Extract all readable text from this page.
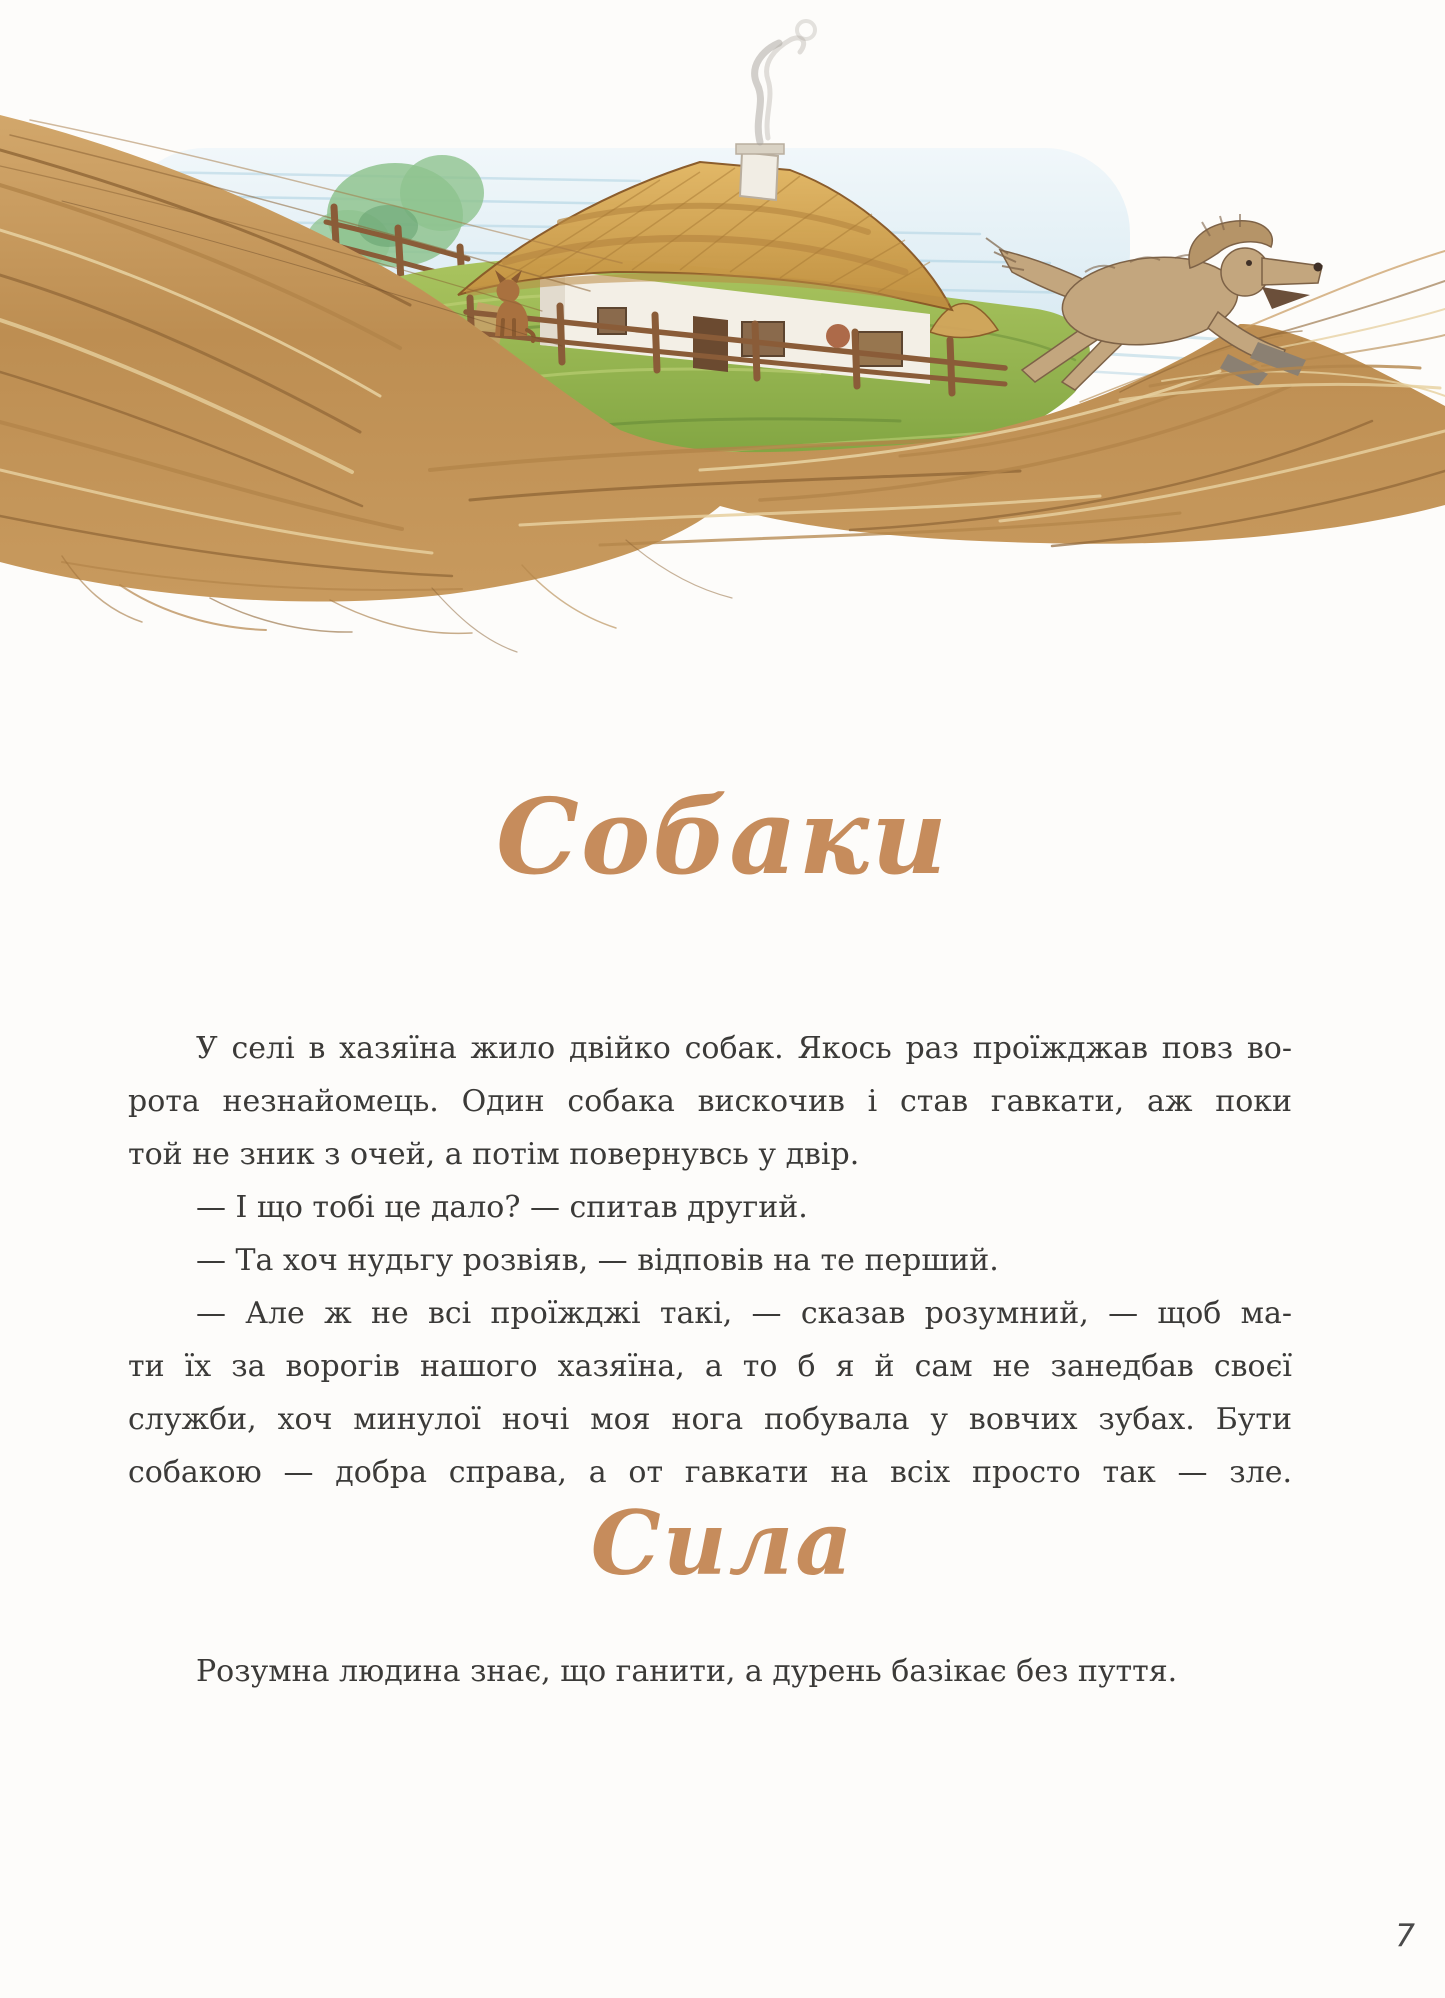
Собаки
У селі в хазяїна жило двійко собак. Якось раз проїжджав повз во-
рота незнайомець. Один собака вискочив і став гавкати, аж поки
той не зник з очей, а потім повернувсь у двір.
— І що тобі це дало? — спитав другий.
— Та хоч нудьгу розвіяв, — відповів на те перший.
— Але ж не всі проїжджі такі, — сказав розумний, — щоб ма-
ти їх за ворогів нашого хазяїна, а то б я й сам не занедбав своєї
служби, хоч минулої ночі моя нога побувала у вовчих зубах. Бути
собакою — добра справа, а от гавкати на всіх просто так — зле.
Сила
Розумна людина знає, що ганити, а дурень базікає без пуття.
7
